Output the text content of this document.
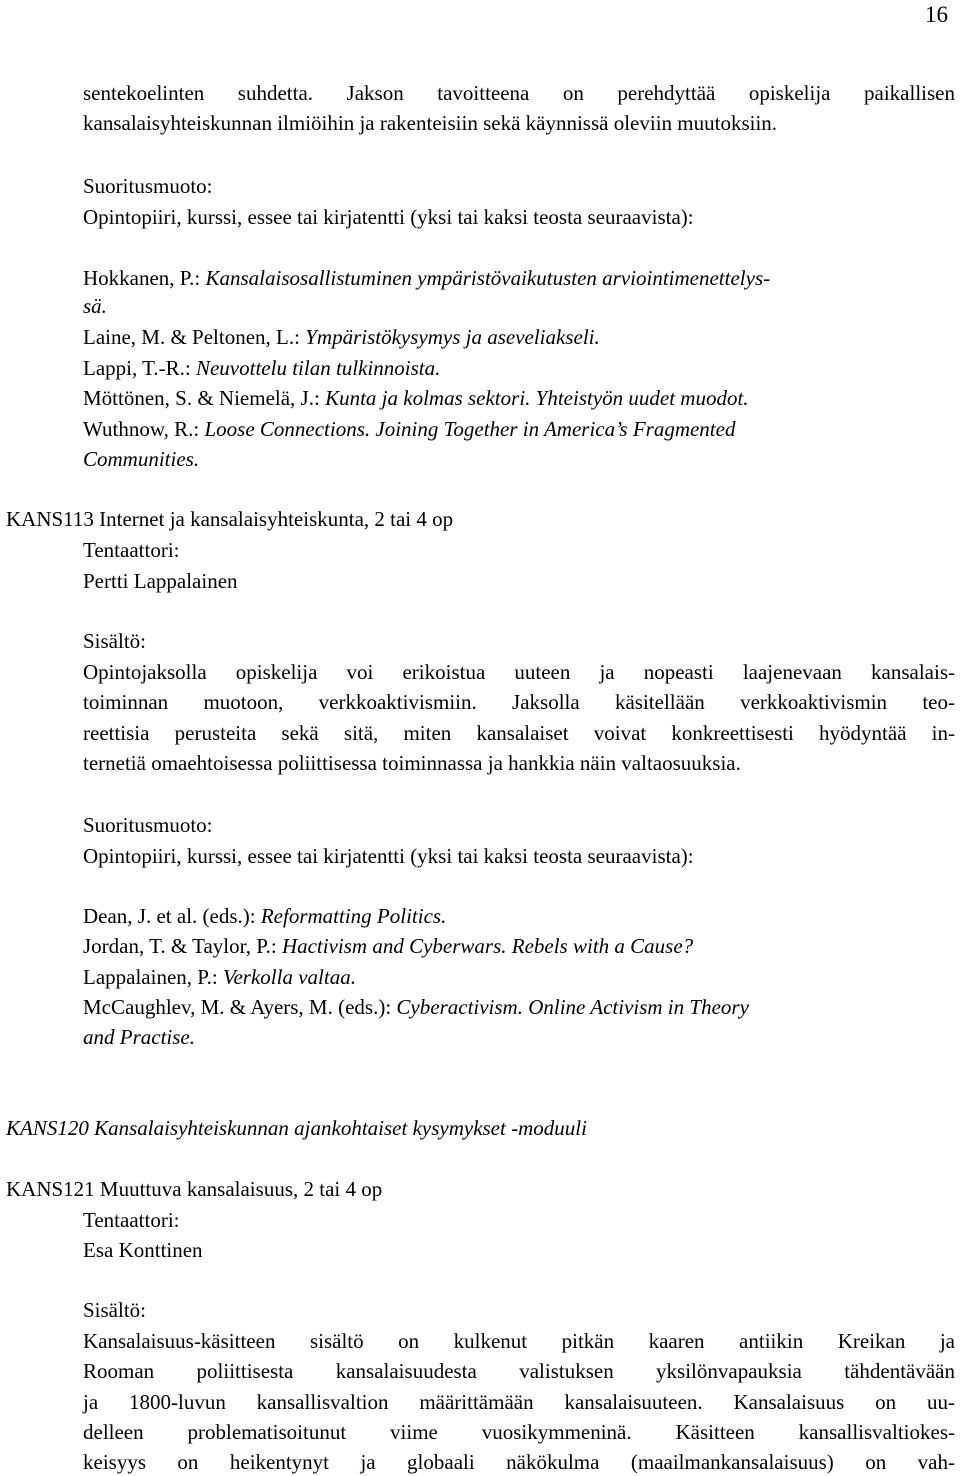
16
sentekoelinten suhdetta. Jakson tavoitteena on perehdyttää opiskelija paikallisen
kansalaisyhteiskunnan ilmiöihin ja rakenteisiin sekä käynnissä oleviin muutoksiin.
Suoritusmuoto:
Opintopiiri, kurssi, essee tai kirjatentti (yksi tai kaksi teosta seuraavista):
Hokkanen, P.: Kansalaisosallistuminen ympäristövaikutusten arviointimenettelys-
sä.
Laine, M. & Peltonen, L.: Ympäristökysymys ja aseveliakseli.
Lappi, T.-R.: Neuvottelu tilan tulkinnoista.
Möttönen, S. & Niemelä, J.: Kunta ja kolmas sektori. Yhteistyön uudet muodot.
Wuthnow, R.: Loose Connections. Joining Together in America’s Fragmented
Communities.
KANS113 Internet ja kansalaisyhteiskunta, 2 tai 4 op
Tentaattori:
Pertti Lappalainen
Sisältö:
Opintojaksolla opiskelija voi erikoistua uuteen ja nopeasti laajenevaan kansalais-
toiminnan muotoon, verkkoaktivismiin. Jaksolla käsitellään verkkoaktivismin teo-
reettisia perusteita sekä sitä, miten kansalaiset voivat konkreettisesti hyödyntää in-
ternetiä omaehtoisessa poliittisessa toiminnassa ja hankkia näin valtaosuuksia.
Suoritusmuoto:
Opintopiiri, kurssi, essee tai kirjatentti (yksi tai kaksi teosta seuraavista):
Dean, J. et al. (eds.): Reformatting Politics.
Jordan, T. & Taylor, P.: Hactivism and Cyberwars. Rebels with a Cause?
Lappalainen, P.: Verkolla valtaa.
McCaughlev, M. & Ayers, M. (eds.): Cyberactivism. Online Activism in Theory
and Practise.
KANS120 Kansalaisyhteiskunnan ajankohtaiset kysymykset -moduuli
KANS121 Muuttuva kansalaisuus, 2 tai 4 op
Tentaattori:
Esa Konttinen
Sisältö:
Kansalaisuus-käsitteen sisältö on kulkenut pitkän kaaren antiikin Kreikan ja
Rooman poliittisesta kansalaisuudesta valistuksen yksilönvapauksia tähdentävään
ja 1800-luvun kansallisvaltion määrittämään kansalaisuuteen. Kansalaisuus on uu-
delleen problematisoitunut viime vuosikymmeninä. Käsitteen kansallisvaltiokes-
keisyys on heikentynyt ja globaali näkökulma (maailmankansalaisuus) on vah-
